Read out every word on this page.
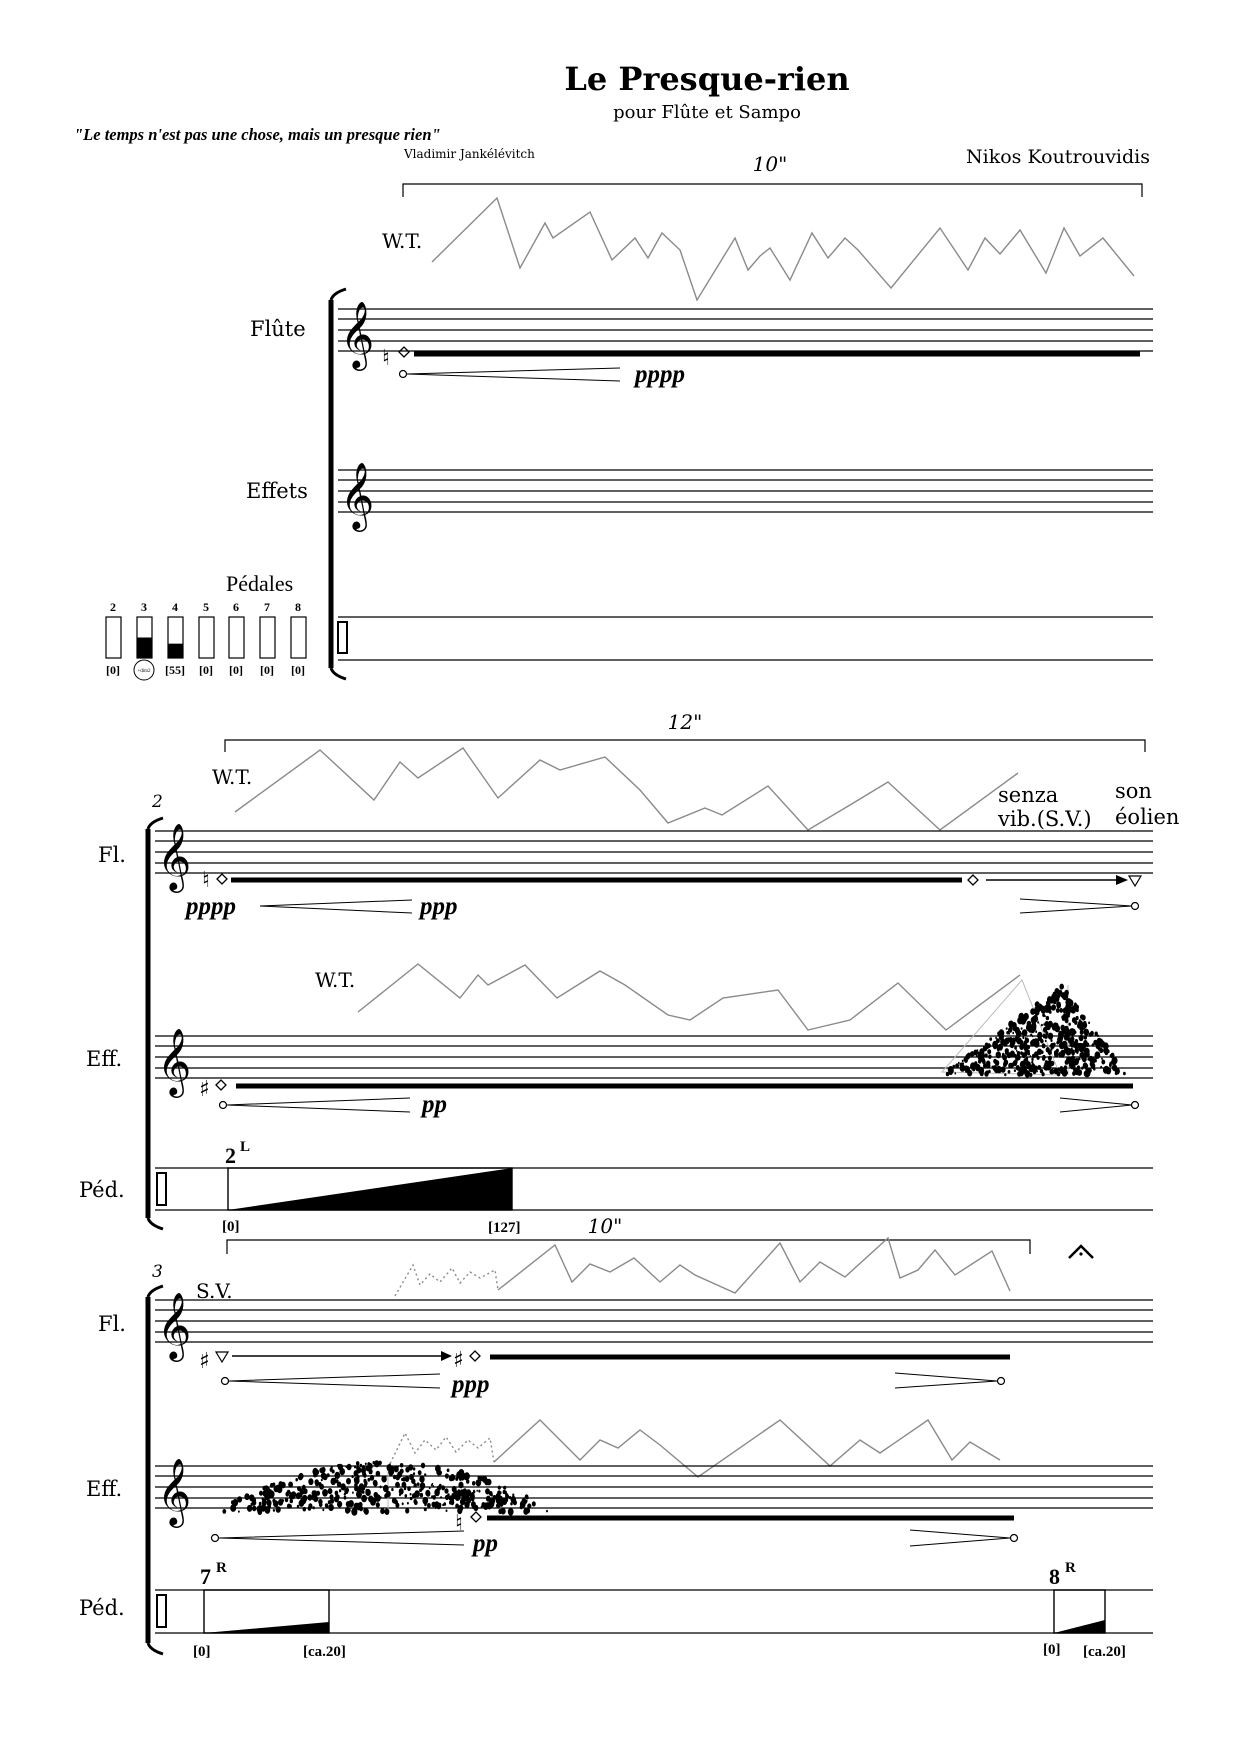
Le Presque-rien
pour Flûte et Sampo
"Le temps n'est pas une chose, mais un presque rien"
Vladimir Jankélévitch	Nikos Koutrouvidis
10"
W.T.
Flûte 𝄞 ♮
pppp
Effets 𝄞
Pédales
2 3 4 5 6 7 8
[0]	+dim2 [55] [0] [0] [0] [0]
12"
2
W.T.
senza
vib.(S.V.)
son
éolien
Fl. 𝄞 ♮
pppp	ppp
W.T.
Eff. 𝄞 ♯
pp
Péd.
2 L
[0]	[127]	10"
3
S.V.
Fl. 𝄞
♯	♯
ppp
Eff. 𝄞	♮
pp
Péd.
7 R
[0]	[ca.20]
8 R
[0] [ca.20]
